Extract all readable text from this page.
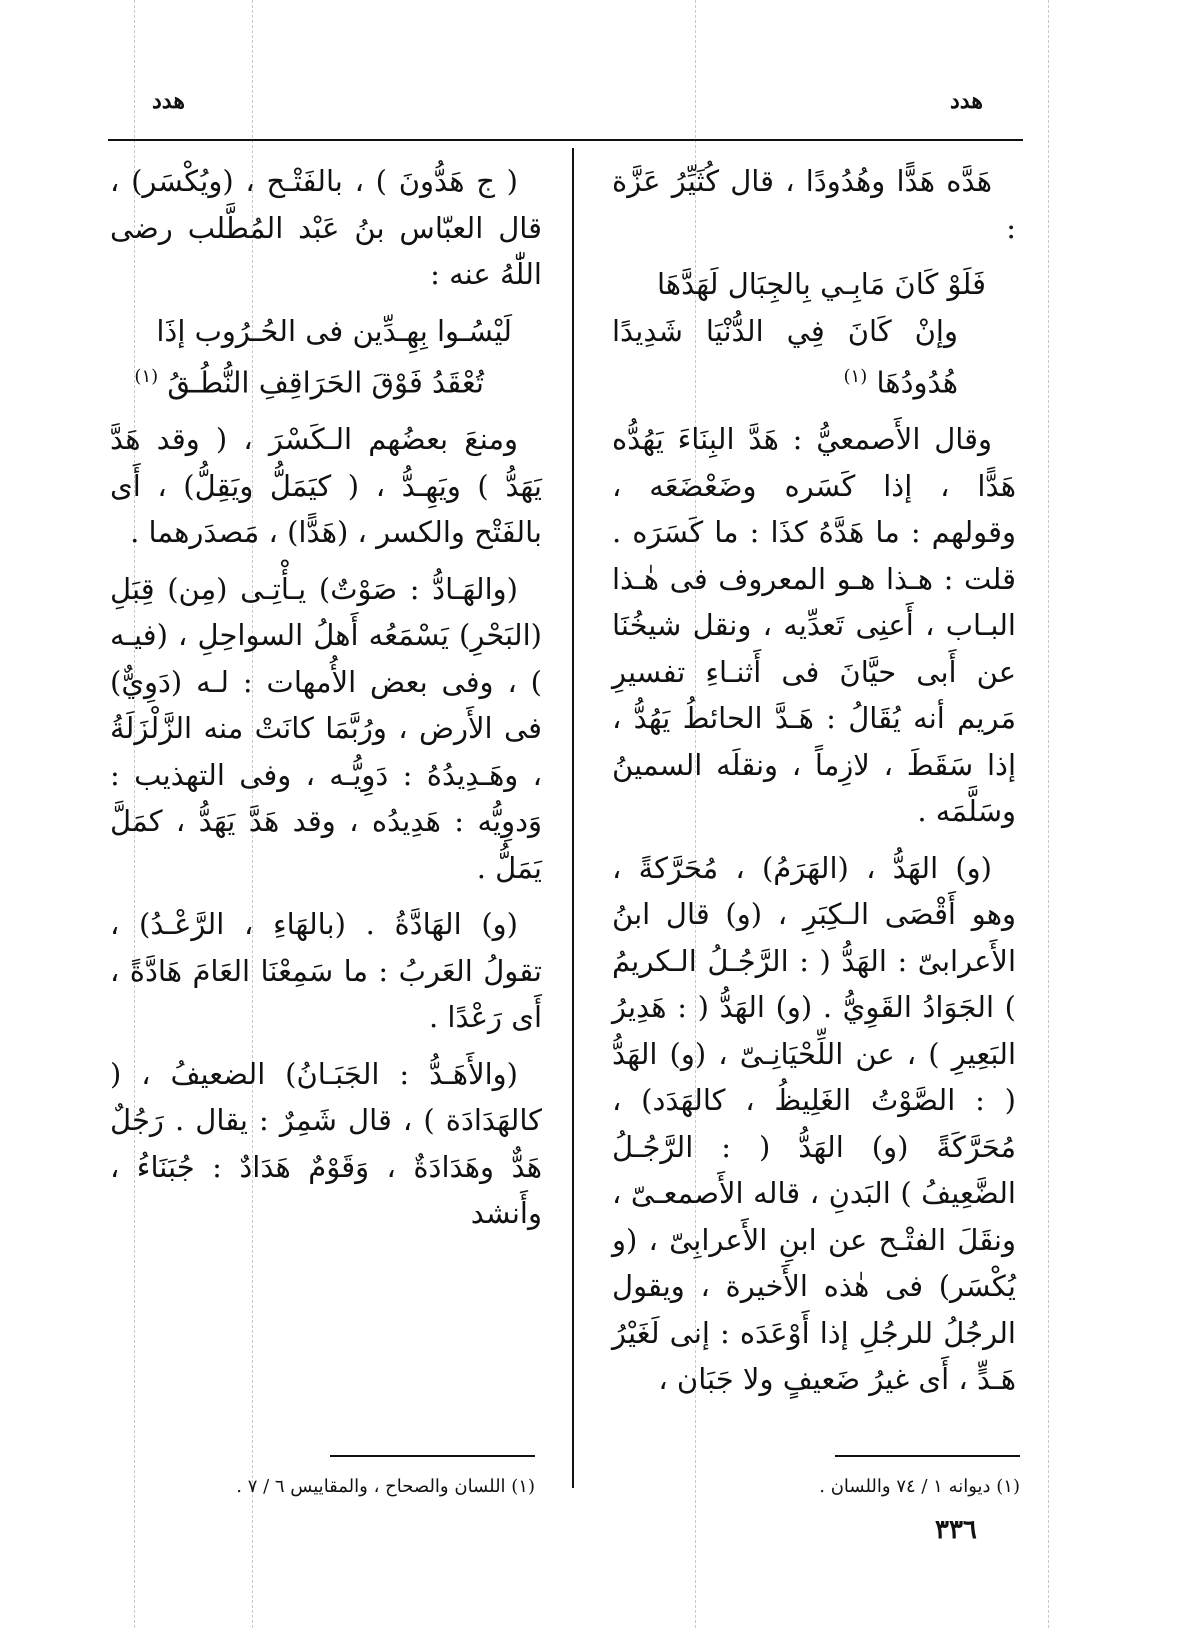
هدد
هدد

هَدَّه هَدًّا وهُدُودًا ، قال كُثَيِّرُ عَزَّة :

فَلَوْ كَانَ مَابِـي بِالجِبَال لَهَدَّهَا
وإنْ كَانَ فِي الدُّنْيَا شَدِيدًا هُدُودُهَا $^{(١)}$

وقال الأَصمعيُّ : هَدَّ البِنَاءَ يَهُدُّه هَدًّا ، إذا كَسَره وضَعْضَعَه ، وقولهم : ما هَدَّهُ كذَا : ما كَسَرَه . قلت : هـذا هـو المعروف فى هٰـذا البـاب ، أَعنِى تَعدِّيه ، ونقل شيخُنَا عن أَبى حيَّانَ فى أَثنـاءِ تفسيرِ مَريم أنه يُقَالُ : هَـدَّ الحائطُ يَهُدُّ ، إذا سَقَطَ ، لازِماً ، ونقلَه السمينُ وسَلَّمَه .

(و) الهَدُّ ، (الهَرَمُ) ، مُحَرَّكةً ، وهو أَقْصَى الـكِبَرِ ، (و) قال ابنُ الأَعرابىّ : الهَدُّ ( : الرَّجُـلُ الـكريمُ ) الجَوَادُ القَوِيُّ . (و) الهَدُّ ( : هَدِيرُ البَعِيرِ ) ، عن اللِّحْيَانِـىّ ، (و) الهَدُّ ( : الصَّوْتُ الغَلِيظُ ، كالهَدَد) ، مُحَرَّكَةً (و) الهَدُّ ( : الرَّجُـلُ الضَّعِيفُ ) البَدنِ ، قاله الأَصمعـىّ ، ونقَلَ الفتْـح عن ابنِ الأَعرابِىّ ، (و يُكْسَر) فى هٰذه الأَخيرة ، ويقول الرجُلُ للرجُلِ إذا أَوْعَدَه : إنى لَغَيْرُ هَـدٍّ ، أَى غيرُ ضَعيفٍ ولا جَبَان ،

( ج هَدُّونَ ) ، بالفَتْـح ، (ويُكْسَر) ، قال العبّاس بنُ عَبْد المُطَّلب رضى اللّٰهُ عنه :

لَيْسُـوا بِهِـدِّين فى الحُـرُوب إذَا
تُعْقَدُ فَوْقَ الحَرَاقِفِ النُّطُـقُ $^{(١)}$

ومنعَ بعضُهم الـكَسْرَ ، ( وقد هَدَّ يَهَدُّ ) ويَهِـدُّ ، ( كيَمَلُّ ويَقِلُّ) ، أَى بالفَتْح والكسر ، (هَدًّا) ، مَصدَرهما .

(والهَـادُّ : صَوْتٌ) يـأْتِـى (مِن) قِبَلِ (البَحْرِ) يَسْمَعُه أَهلُ السواحِلِ ، (فيـه ) ، وفى بعض الأُمهات : لـه (دَوِيٌّ) فى الأَرض ، ورُبَّمَا كانَتْ منه الزَّلْزَلَةُ ، وهَـدِيدُهُ : دَوِيُّـه ، وفى التهذيب : وَدوِيُّه : هَدِيدُه ، وقد هَدَّ يَهَدُّ ، كمَلَّ يَمَلُّ .

(و) الهَادَّةُ . (بالهَاءِ ، الرَّعْـدُ) ، تقولُ العَربُ : ما سَمِعْنَا العَامَ هَادَّةً ، أَى رَعْدًا .

(والأَهَـدُّ : الجَبَـانُ) الضعيفُ ، ( كالهَدَادَة ) ، قال شَمِرٌ : يقال . رَجُلٌ هَدٌّ وهَدَادَةٌ ، وَقَوْمٌ هَدَادٌ : جُبَنَاءُ ، وأَنشد

(١) ديوانه ١ / ٧٤ واللسان .
(١) اللسان والصحاح ، والمقاييس ٦ / ٧ .
٣٣٦
